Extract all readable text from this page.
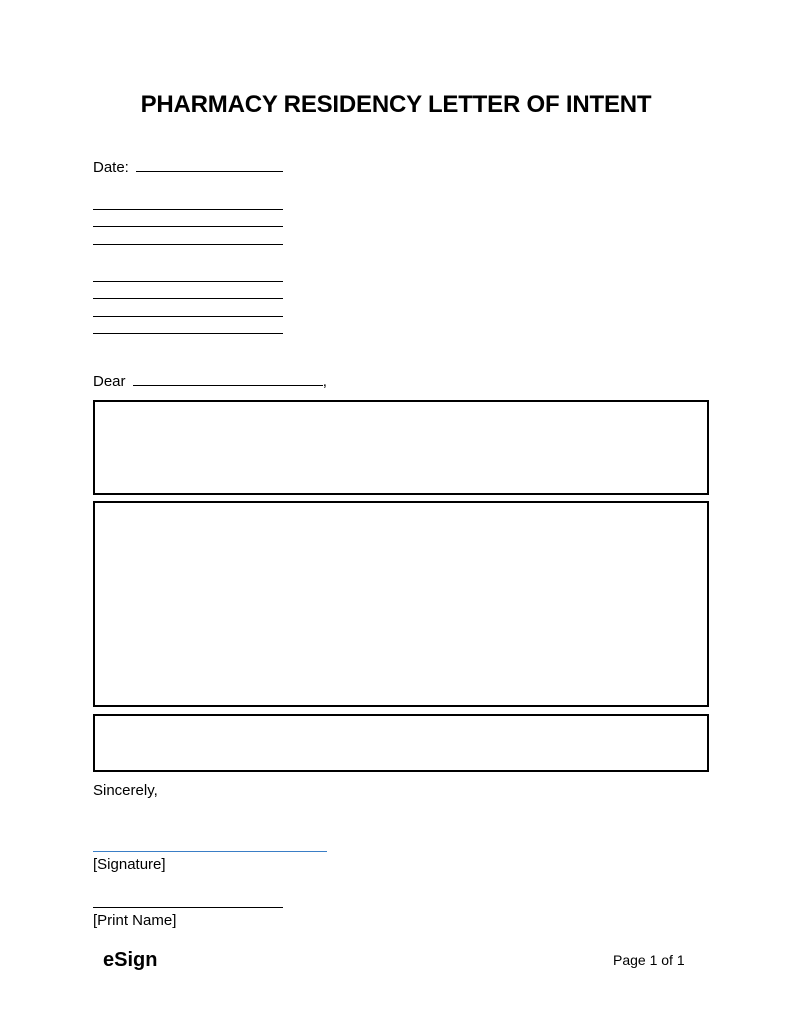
PHARMACY RESIDENCY LETTER OF INTENT
Date:
Dear	,
Sincerely,
[Signature]
[Print Name]
eSign	Page 1 of 1
